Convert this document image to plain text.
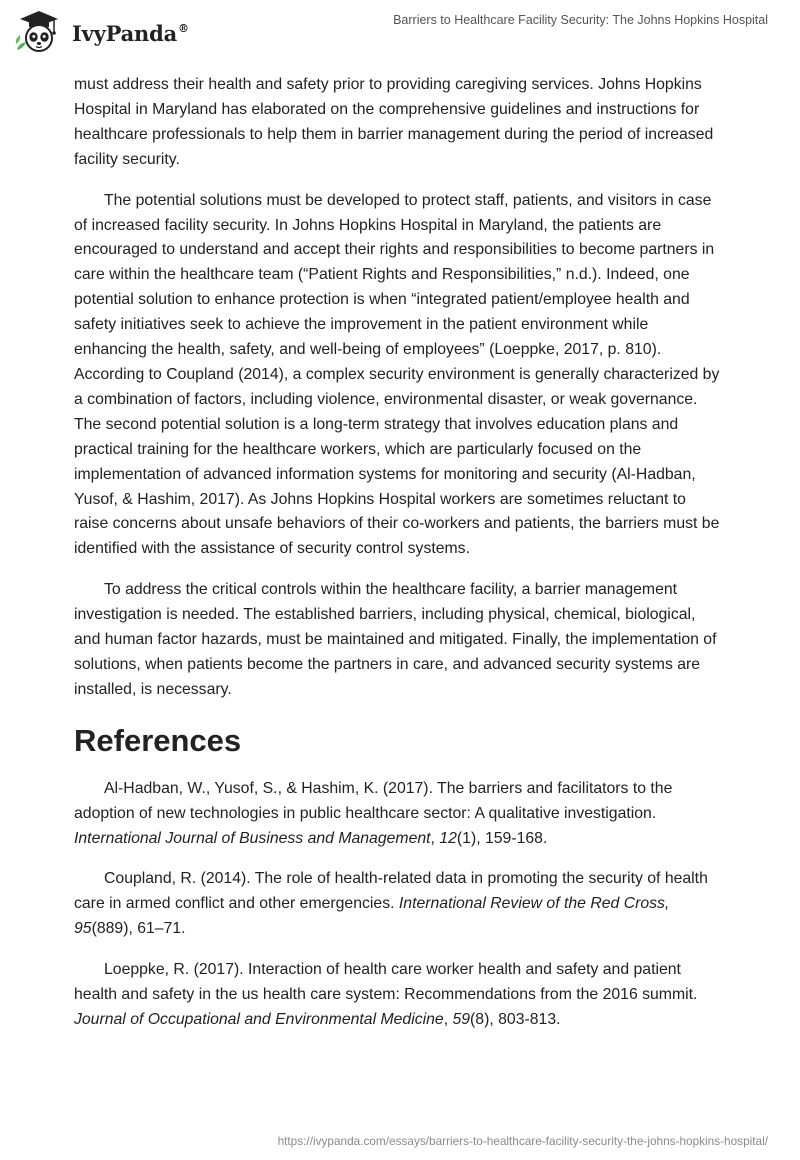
IvyPanda®
Barriers to Healthcare Facility Security: The Johns Hopkins Hospital

must address their health and safety prior to providing caregiving services. Johns Hopkins Hospital in Maryland has elaborated on the comprehensive guidelines and instructions for healthcare professionals to help them in barrier management during the period of increased facility security.

The potential solutions must be developed to protect staff, patients, and visitors in case of increased facility security. In Johns Hopkins Hospital in Maryland, the patients are encouraged to understand and accept their rights and responsibilities to become partners in care within the healthcare team (“Patient Rights and Responsibilities,” n.d.). Indeed, one potential solution to enhance protection is when “integrated patient/employee health and safety initiatives seek to achieve the improvement in the patient environment while enhancing the health, safety, and well-being of employees” (Loeppke, 2017, p. 810). According to Coupland (2014), a complex security environment is generally characterized by a combination of factors, including violence, environmental disaster, or weak governance. The second potential solution is a long-term strategy that involves education plans and practical training for the healthcare workers, which are particularly focused on the implementation of advanced information systems for monitoring and security (Al-Hadban, Yusof, & Hashim, 2017). As Johns Hopkins Hospital workers are sometimes reluctant to raise concerns about unsafe behaviors of their co-workers and patients, the barriers must be identified with the assistance of security control systems.

To address the critical controls within the healthcare facility, a barrier management investigation is needed. The established barriers, including physical, chemical, biological, and human factor hazards, must be maintained and mitigated. Finally, the implementation of solutions, when patients become the partners in care, and advanced security systems are installed, is necessary.

References

Al-Hadban, W., Yusof, S., & Hashim, K. (2017). The barriers and facilitators to the adoption of new technologies in public healthcare sector: A qualitative investigation. International Journal of Business and Management, 12(1), 159-168.

Coupland, R. (2014). The role of health-related data in promoting the security of health care in armed conflict and other emergencies. International Review of the Red Cross, 95(889), 61–71.

Loeppke, R. (2017). Interaction of health care worker health and safety and patient health and safety in the us health care system: Recommendations from the 2016 summit. Journal of Occupational and Environmental Medicine, 59(8), 803-813.

https://ivypanda.com/essays/barriers-to-healthcare-facility-security-the-johns-hopkins-hospital/
